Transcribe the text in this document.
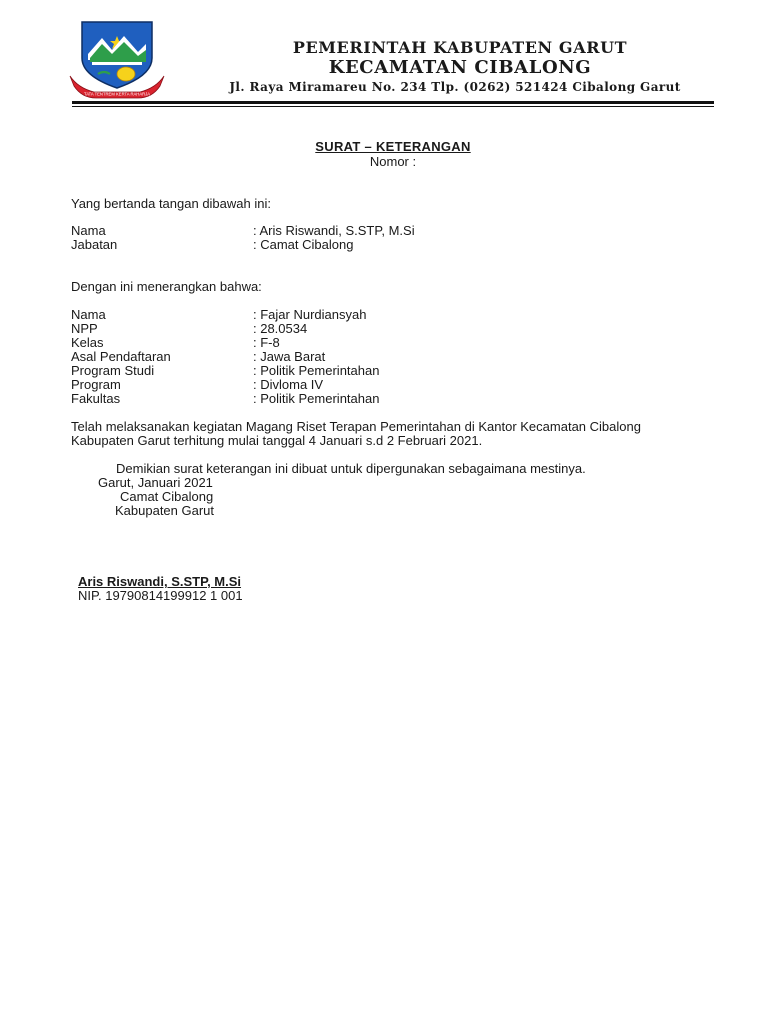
TATA TENTREM KERTA RAHARJA
PEMERINTAH KABUPATEN GARUT
KECAMATAN CIBALONG
Jl. Raya Miramareu No. 234 Tlp. (0262) 521424 Cibalong Garut
SURAT – KETERANGAN
Nomor :
Yang bertanda tangan dibawah ini:
Nama	: Aris Riswandi, S.STP, M.Si
Jabatan	: Camat Cibalong
Dengan ini menerangkan bahwa:
Nama	: Fajar Nurdiansyah
NPP	: 28.0534
Kelas	: F-8
Asal Pendaftaran	: Jawa Barat
Program Studi	: Politik Pemerintahan
Program	: Divloma IV
Fakultas	: Politik Pemerintahan
Telah melaksanakan kegiatan Magang Riset Terapan Pemerintahan di Kantor Kecamatan Cibalong Kabupaten Garut terhitung mulai tanggal 4 Januari s.d 2 Februari 2021.
Demikian surat keterangan ini dibuat untuk dipergunakan sebagaimana mestinya.
Garut, Januari 2021
Camat Cibalong
Kabupaten Garut
Aris Riswandi, S.STP, M.Si
NIP. 19790814199912 1 001
